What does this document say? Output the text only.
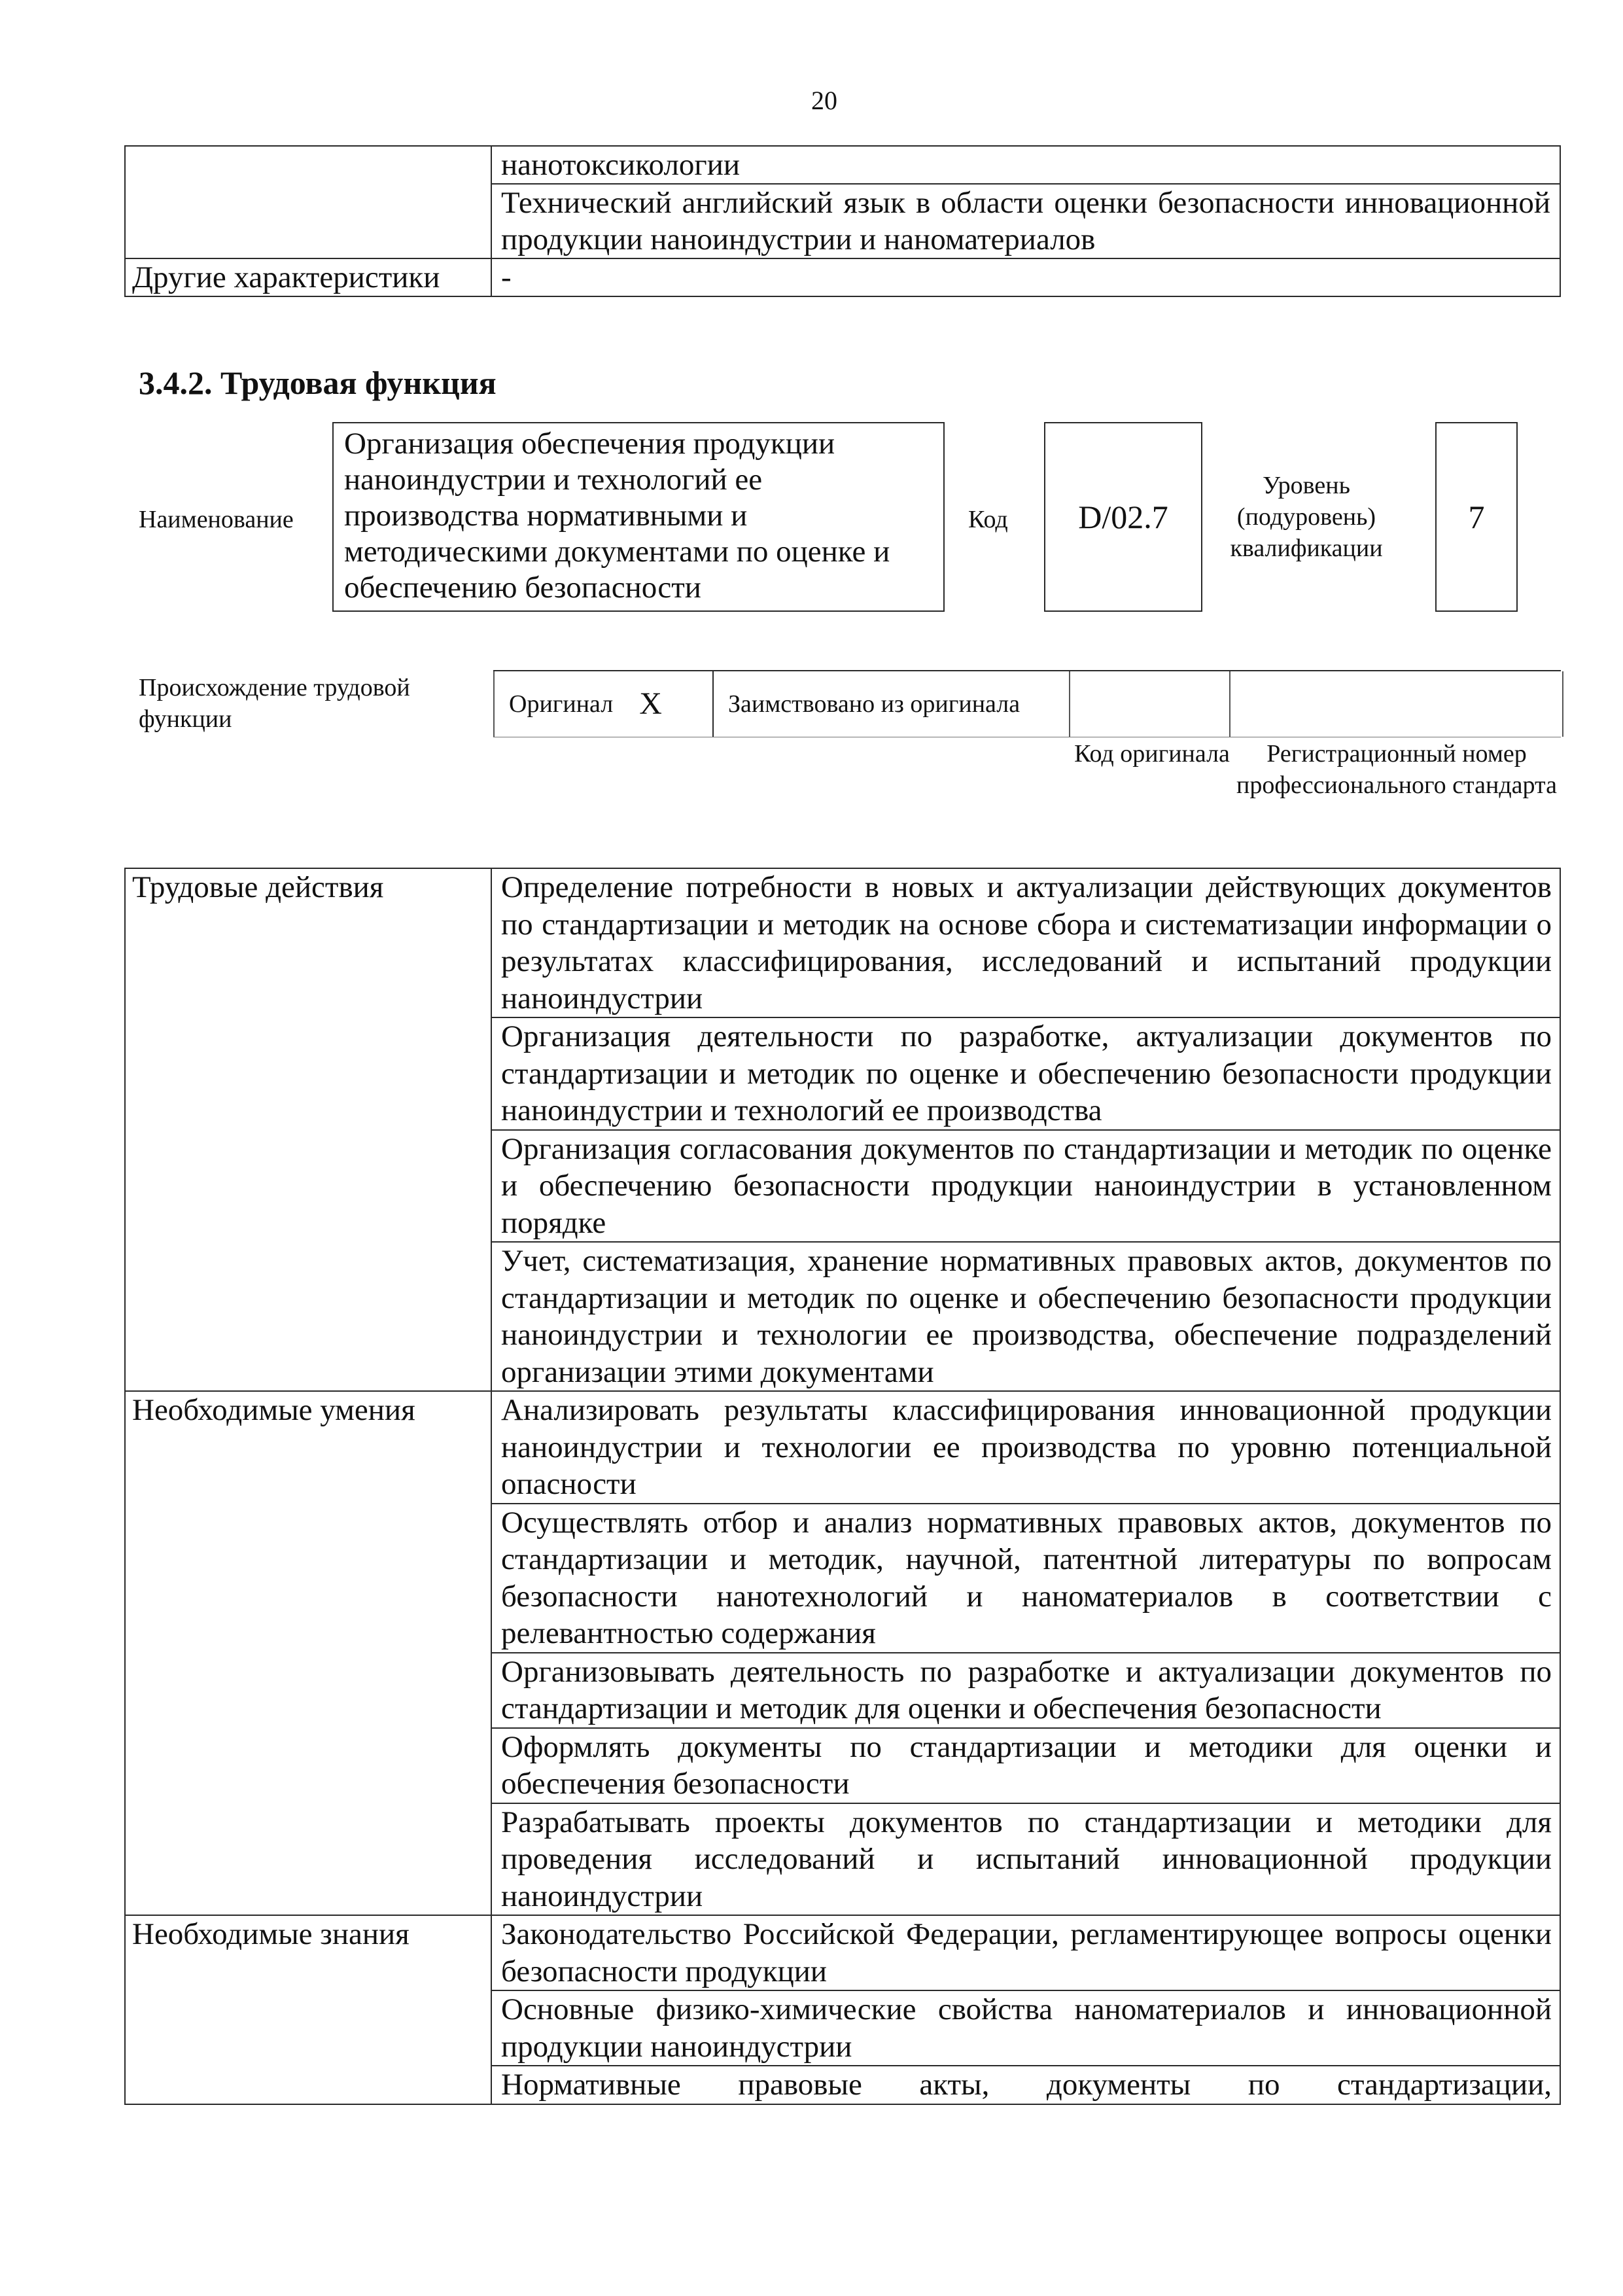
20
	нанотоксикологии
	Технический английский язык в области оценки безопасности инновационной продукции наноиндустрии и наноматериалов
Другие характеристики	-
3.4.2. Трудовая функция
Наименование
Организация обеспечения продукции наноиндустрии и технологий ее производства нормативными и методическими документами по оценке и обеспечению безопасности
Код D/02.7
Уровень (подуровень) квалификации
7
Происхождение трудовой функции
Оригинал X	Заимствовано из оригинала
Код оригинала	Регистрационный номер профессионального стандарта
Трудовые действия	Определение потребности в новых и актуализации действующих документов по стандартизации и методик на основе сбора и систематизации информации о результатах классифицирования, исследований и испытаний продукции наноиндустрии
	Организация деятельности по разработке, актуализации документов по стандартизации и методик по оценке и обеспечению безопасности продукции наноиндустрии и технологий ее производства
	Организация согласования документов по стандартизации и методик по оценке и обеспечению безопасности продукции наноиндустрии в установленном порядке
	Учет, систематизация, хранение нормативных правовых актов, документов по стандартизации и методик по оценке и обеспечению безопасности продукции наноиндустрии и технологии ее производства, обеспечение подразделений организации этими документами
Необходимые умения	Анализировать результаты классифицирования инновационной продукции наноиндустрии и технологии ее производства по уровню потенциальной опасности
	Осуществлять отбор и анализ нормативных правовых актов, документов по стандартизации и методик, научной, патентной литературы по вопросам безопасности нанотехнологий и наноматериалов в соответствии с релевантностью содержания
	Организовывать деятельность по разработке и актуализации документов по стандартизации и методик для оценки и обеспечения безопасности
	Оформлять документы по стандартизации и методики для оценки и обеспечения безопасности
	Разрабатывать проекты документов по стандартизации и методики для проведения исследований и испытаний инновационной продукции наноиндустрии
Необходимые знания	Законодательство Российской Федерации, регламентирующее вопросы оценки безопасности продукции
	Основные физико-химические свойства наноматериалов и инновационной продукции наноиндустрии
	Нормативные правовые акты, документы по стандартизации,
